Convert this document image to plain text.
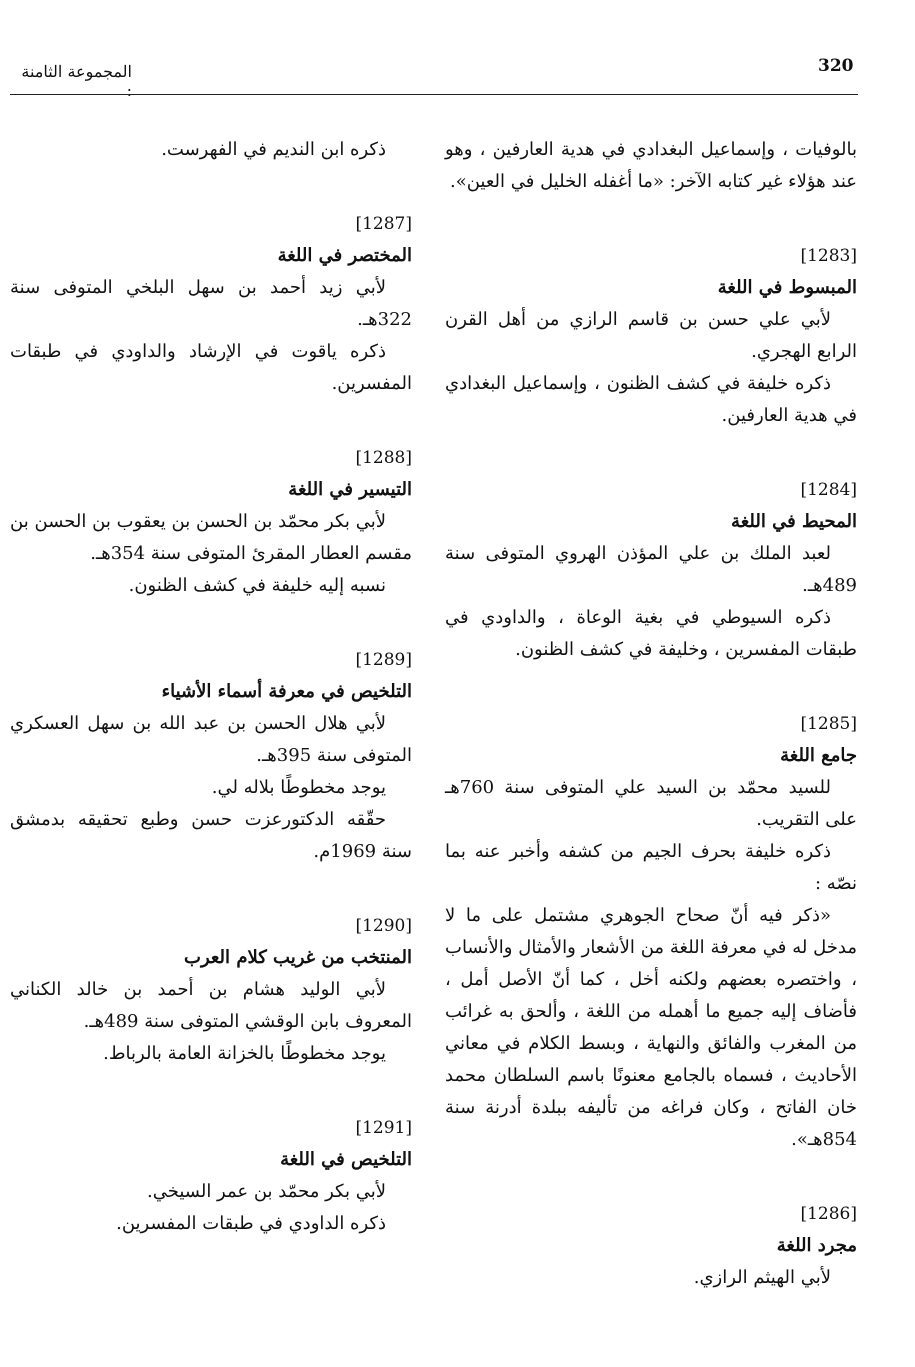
320
المجموعة الثامنة :

بالوفيات ، وإسماعيل البغدادي في هدية العارفين ، وهو عند هؤلاء غير كتابه الآخر: «ما أغفله الخليل في العين».

[1283]

المبسوط في اللغة

لأبي علي حسن بن قاسم الرازي من أهل القرن الرابع الهجري.

ذكره خليفة في كشف الظنون ، وإسماعيل البغدادي في هدية العارفين.

[1284]

المحيط في اللغة

لعبد الملك بن علي المؤذن الهروي المتوفى سنة 489هـ.

ذكره السيوطي في بغية الوعاة ، والداودي في طبقات المفسرين ، وخليفة في كشف الظنون.

[1285]

جامع اللغة

للسيد محمّد بن السيد علي المتوفى سنة 760هـ على التقريب.

ذكره خليفة بحرف الجيم من كشفه وأخبر عنه بما نصّه :

«ذكر فيه أنّ صحاح الجوهري مشتمل على ما لا مدخل له في معرفة اللغة من الأشعار والأمثال والأنساب ، واختصره بعضهم ولكنه أخل ، كما أنّ الأصل أمل ، فأضاف إليه جميع ما أهمله من اللغة ، وألحق به غرائب من المغرب والفائق والنهاية ، وبسط الكلام في معاني الأحاديث ، فسماه بالجامع معنونًا باسم السلطان محمد خان الفاتح ، وكان فراغه من تأليفه ببلدة أدرنة سنة 854هـ».

[1286]

مجرد اللغة

لأبي الهيثم الرازي.

ذكره ابن النديم في الفهرست.

[1287]

المختصر في اللغة

لأبي زيد أحمد بن سهل البلخي المتوفى سنة 322هـ.

ذكره ياقوت في الإرشاد والداودي في طبقات المفسرين.

[1288]

التيسير في اللغة

لأبي بكر محمّد بن الحسن بن يعقوب بن الحسن بن مقسم العطار المقرئ المتوفى سنة 354هـ.

نسبه إليه خليفة في كشف الظنون.

[1289]

التلخيص في معرفة أسماء الأشياء

لأبي هلال الحسن بن عبد الله بن سهل العسكري المتوفى سنة 395هـ.

يوجد مخطوطًا بلاله لي.

حقّقه الدكتورعزت حسن وطبع تحقيقه بدمشق سنة 1969م.

[1290]

المنتخب من غريب كلام العرب

لأبي الوليد هشام بن أحمد بن خالد الكناني المعروف بابن الوقشي المتوفى سنة 489هـ.

يوجد مخطوطًا بالخزانة العامة بالرباط.

[1291]

التلخيص في اللغة

لأبي بكر محمّد بن عمر السيخي.

ذكره الداودي في طبقات المفسرين.
